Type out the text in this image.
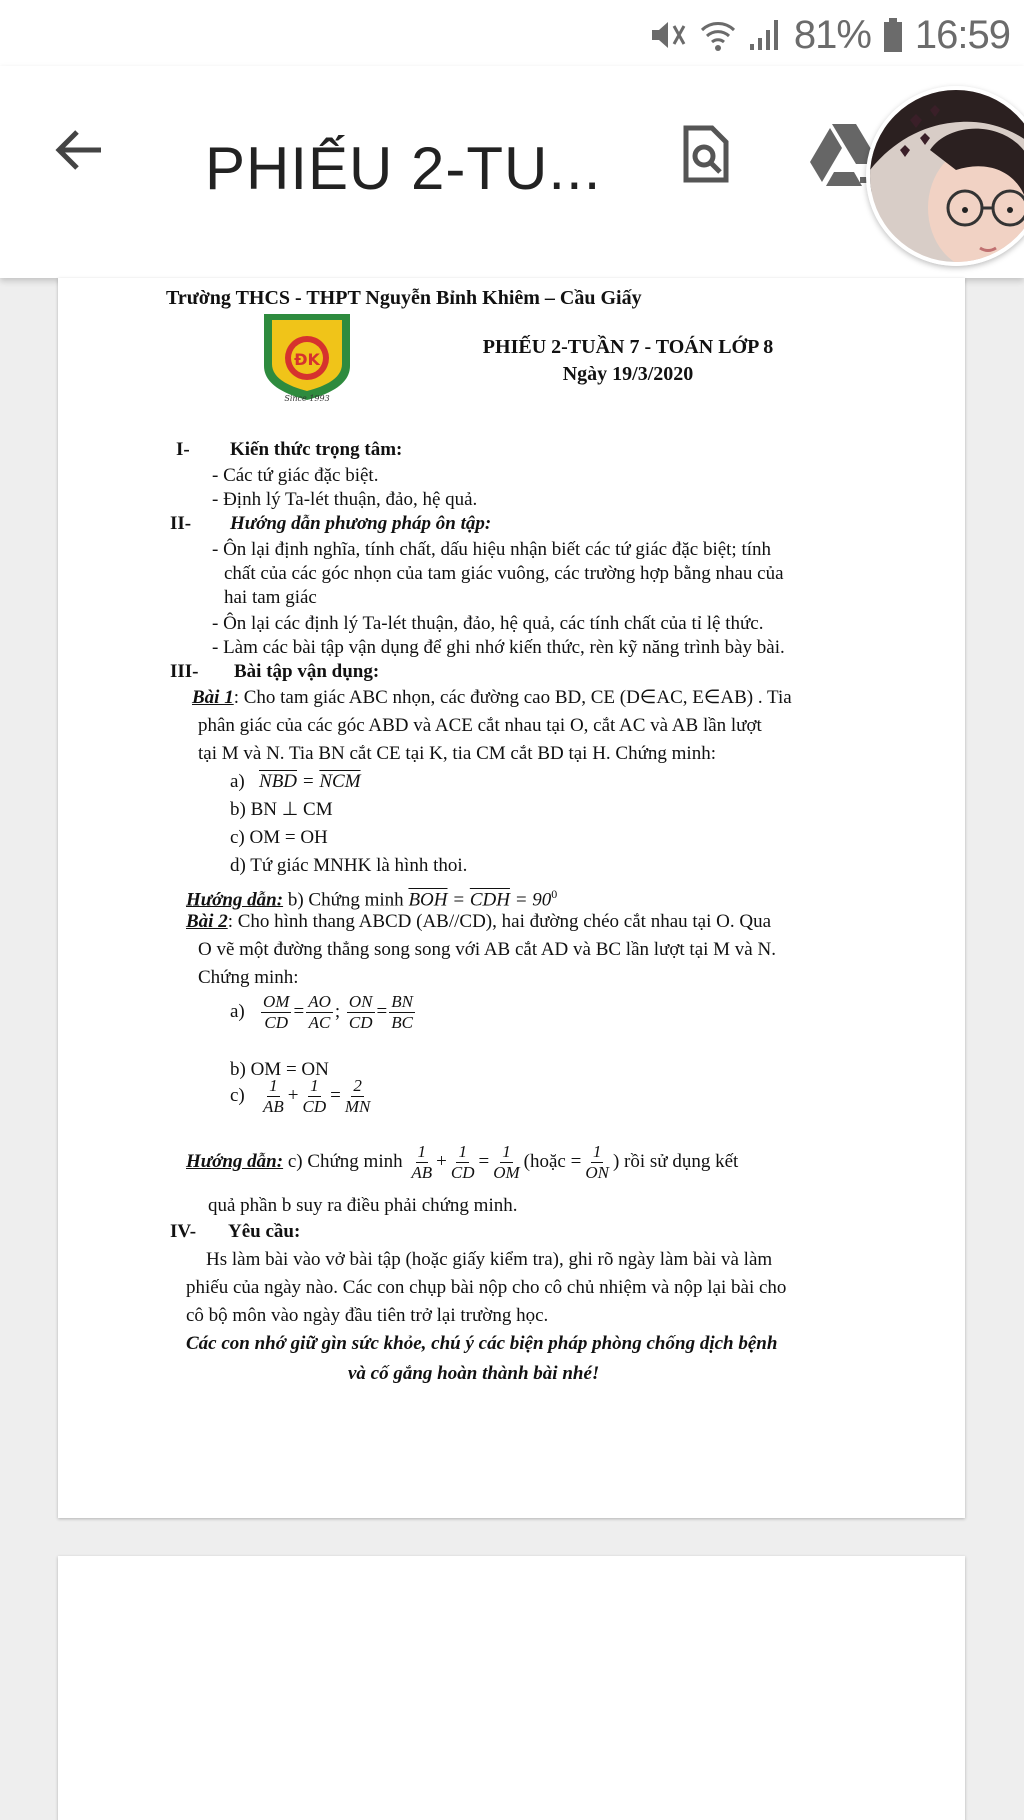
81% 16:59
PHIẾU 2-TU...
Trường THCS - THPT Nguyễn Bỉnh Khiêm – Cầu Giấy
ĐK
Since 1993
PHIẾU 2-TUẦN 7 - TOÁN LỚP 8
Ngày 19/3/2020
I- Kiến thức trọng tâm:
- Các tứ giác đặc biệt.
- Định lý Ta-lét thuận, đảo, hệ quả.
II- Hướng dẫn phương pháp ôn tập:
- Ôn lại định nghĩa, tính chất, dấu hiệu nhận biết các tứ giác đặc biệt; tính
chất của các góc nhọn của tam giác vuông, các trường hợp bằng nhau của
hai tam giác
- Ôn lại các định lý Ta-lét thuận, đảo, hệ quả, các tính chất của tỉ lệ thức.
- Làm các bài tập vận dụng để ghi nhớ kiến thức, rèn kỹ năng trình bày bài.
III- Bài tập vận dụng:
Bài 1: Cho tam giác ABC nhọn, các đường cao BD, CE (D∈AC, E∈AB) . Tia
phân giác của các góc ABD và ACE cắt nhau tại O, cắt AC và AB lần lượt
tại M và N. Tia BN cắt CE tại K, tia CM cắt BD tại H. Chứng minh:
a) $\overline{NBD} = \overline{NCM}$
b) BN ⊥ CM
c) OM = OH
d) Tứ giác MNHK là hình thoi.
Hướng dẫn: b) Chứng minh $\overline{BOH} = \overline{CDH} = 90^0$
Bài 2: Cho hình thang ABCD (AB//CD), hai đường chéo cắt nhau tại O. Qua
O vẽ một đường thẳng song song với AB cắt AD và BC lần lượt tại M và N.
Chứng minh:
$a) \frac{OM}{CD} = \frac{AO}{AC}$ ; $\frac{ON}{CD} = \frac{BN}{BC}$
b) OM = ON
$c) \frac{1}{AB} + \frac{1}{CD} = \frac{2}{MN}$
Hướng dẫn: c) Chứng minh $\frac{1}{AB} + \frac{1}{CD} = \frac{1}{OM}$ (hoặc = $\frac{1}{ON}$ ) rồi sử dụng kết
quả phần b suy ra điều phải chứng minh.
IV- Yêu cầu:
Hs làm bài vào vở bài tập (hoặc giấy kiểm tra), ghi rõ ngày làm bài và làm
phiếu của ngày nào. Các con chụp bài nộp cho cô chủ nhiệm và nộp lại bài cho
cô bộ môn vào ngày đầu tiên trở lại trường học.
Các con nhớ giữ gìn sức khỏe, chú ý các biện pháp phòng chống dịch bệnh
và cố gắng hoàn thành bài nhé!
